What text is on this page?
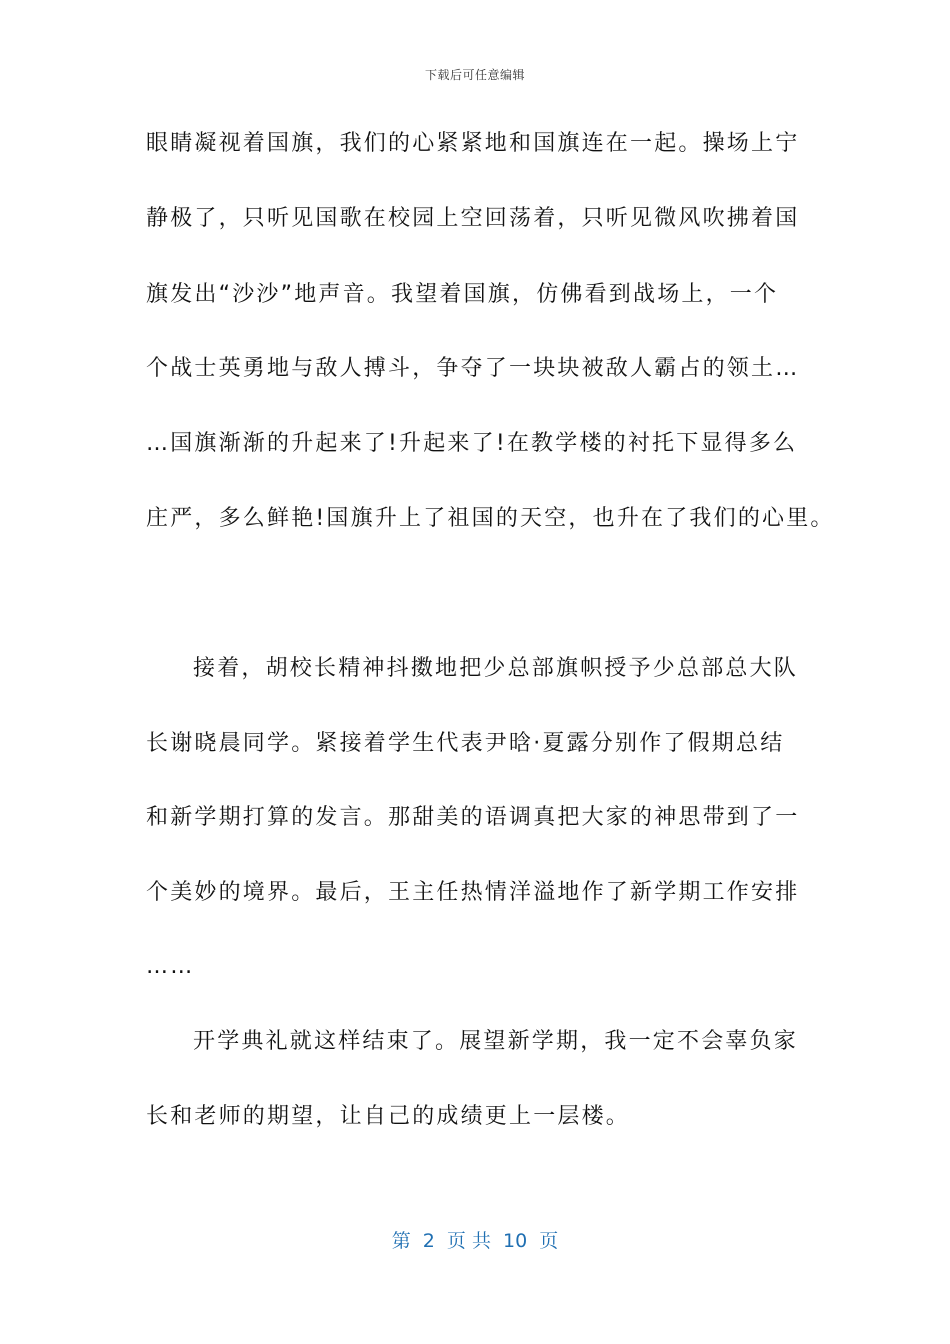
下载后可任意编辑
眼睛凝视着国旗，我们的心紧紧地和国旗连在一起。操场上宁
静极了，只听见国歌在校园上空回荡着，只听见微风吹拂着国
旗发出“沙沙”地声音。我望着国旗，仿佛看到战场上，一个
个战士英勇地与敌人搏斗，争夺了一块块被敌人霸占的领土…
…国旗渐渐的升起来了!升起来了!在教学楼的衬托下显得多么
庄严，多么鲜艳!国旗升上了祖国的天空，也升在了我们的心里。
接着，胡校长精神抖擞地把少总部旗帜授予少总部总大队
长谢晓晨同学。紧接着学生代表尹晗·夏露分别作了假期总结
和新学期打算的发言。那甜美的语调真把大家的神思带到了一
个美妙的境界。最后，王主任热情洋溢地作了新学期工作安排
……
开学典礼就这样结束了。展望新学期，我一定不会辜负家
长和老师的期望，让自己的成绩更上一层楼。
第  2  页 共  10  页
